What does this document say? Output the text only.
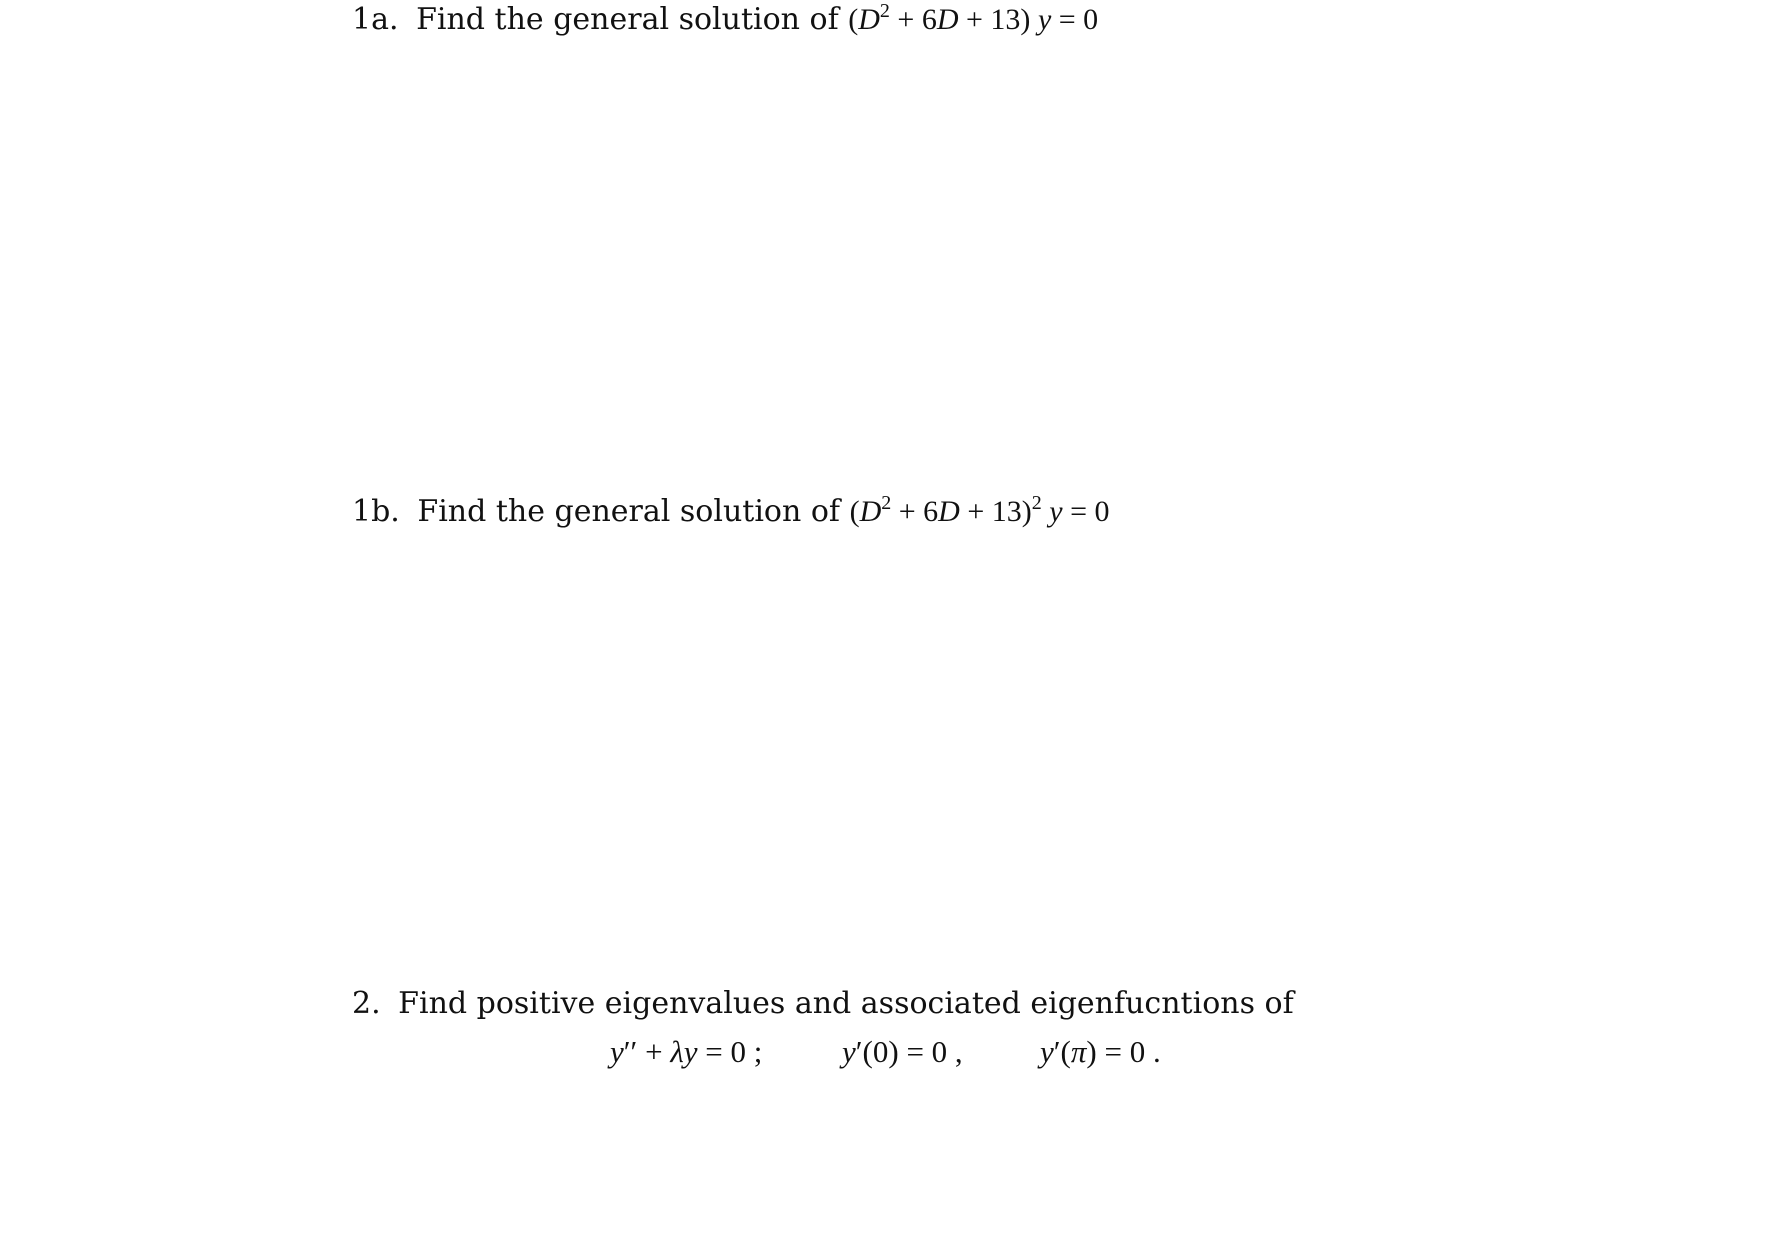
1a. Find the general solution of $(D^2 + 6D + 13) y = 0$
1b. Find the general solution of $(D^2 + 6D + 13)^2$ y = 0
2. Find positive eigenvalues and associated eigenfucntions of
y′′ + λy = 0 ;	y′(0) = 0 , y′(π) = 0 .
